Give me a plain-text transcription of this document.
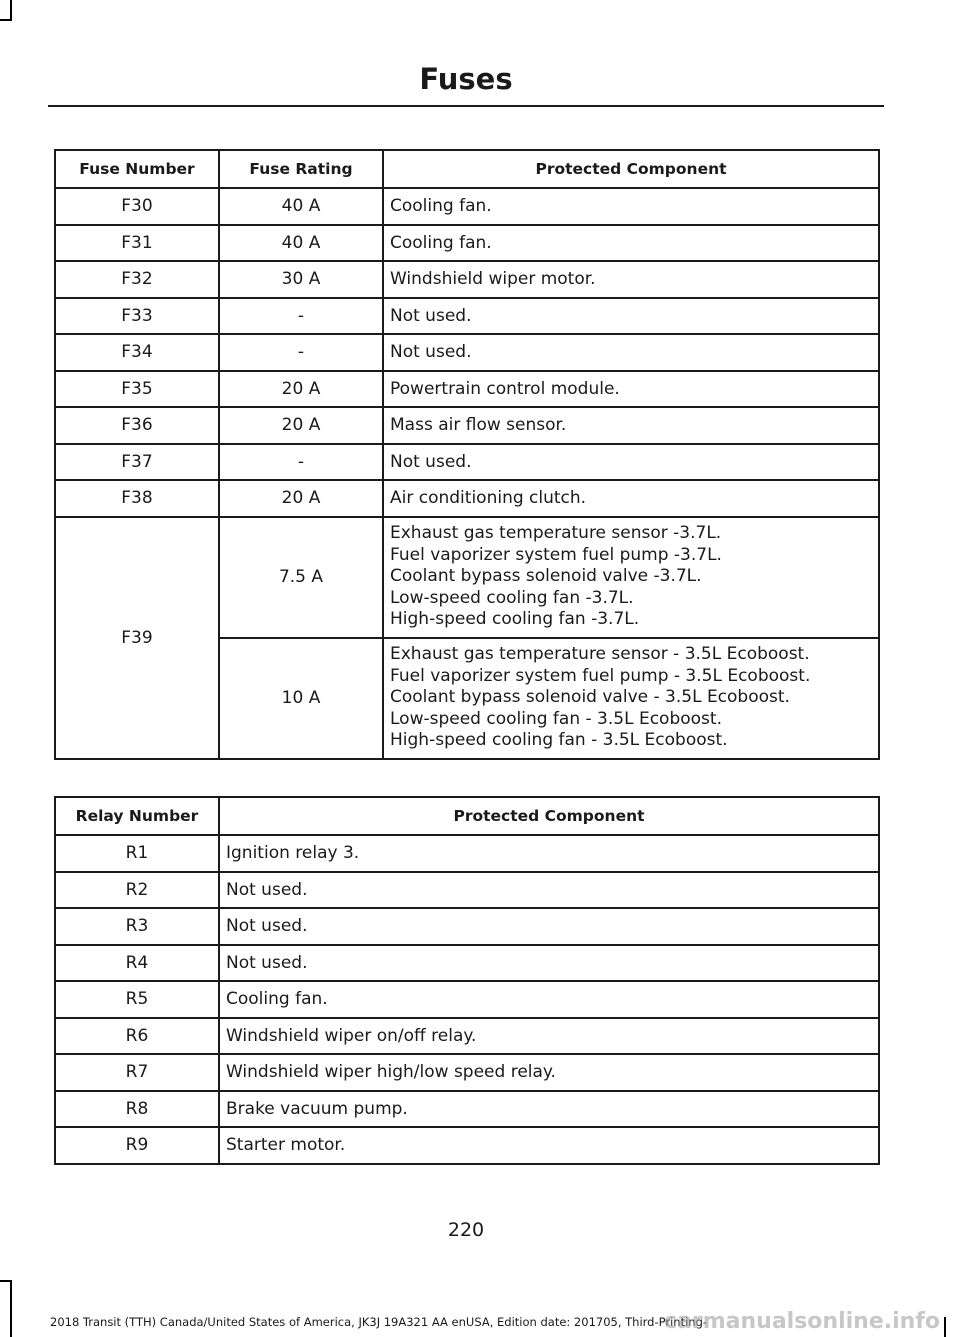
Fuses
Fuse Number	Fuse Rating	Protected Component
F30	40 A	Cooling fan.
F31	40 A	Cooling fan.
F32	30 A	Windshield wiper motor.
F33	-	Not used.
F34	-	Not used.
F35	20 A	Powertrain control module.
F36	20 A	Mass air flow sensor.
F37	-	Not used.
F38	20 A	Air conditioning clutch.
F39	7.5 A	Exhaust gas temperature sensor -3.7L.
Fuel vaporizer system fuel pump -3.7L.
Coolant bypass solenoid valve -3.7L.
Low-speed cooling fan -3.7L.
High-speed cooling fan -3.7L.

	10 A	Exhaust gas temperature sensor - 3.5L Ecoboost.
Fuel vaporizer system fuel pump - 3.5L Ecoboost.
Coolant bypass solenoid valve - 3.5L Ecoboost.
Low-speed cooling fan - 3.5L Ecoboost.
High-speed cooling fan - 3.5L Ecoboost.
Relay Number	Protected Component
R1	Ignition relay 3.
R2	Not used.
R3	Not used.
R4	Not used.
R5	Cooling fan.
R6	Windshield wiper on/off relay.
R7	Windshield wiper high/low speed relay.
R8	Brake vacuum pump.
R9	Starter motor.
220
2018 Transit (TTH) Canada/United States of America, JK3J 19A321 AA enUSA, Edition date: 201705, Third-Printing-
carmanualsonline.info
